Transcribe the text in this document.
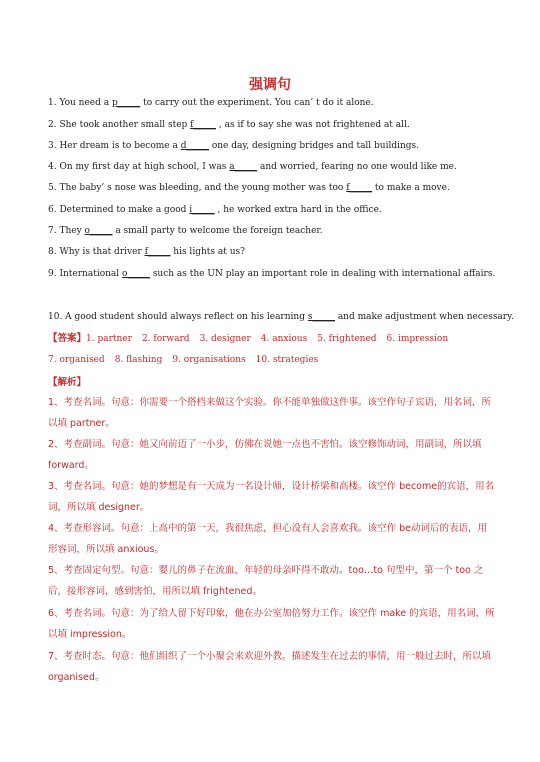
强调句
1. You need a p_____ to carry out the experiment. You can’ t do it alone.
2. She took another small step f_____ , as if to say she was not frightened at all.
3. Her dream is to become a d_____ one day, designing bridges and tall buildings.
4. On my first day at high school, I was a_____ and worried, fearing no one would like me.
5. The baby’ s nose was bleeding, and the young mother was too f_____ to make a move.
6. Determined to make a good i_____ , he worked extra hard in the office.
7. They o_____ a small party to welcome the foreign teacher.
8. Why is that driver f_____ his lights at us?
9. International o_____ such as the UN play an important role in dealing with international affairs.
10. A good student should always reflect on his learning s_____ and make adjustment when necessary.
【答案】1. partner 2. forward 3. designer 4. anxious 5. frightened 6. impression
7. organised 8. flashing 9. organisations 10. strategies
【解析】
1、考查名词。句意：你需要一个搭档来做这个实验。你不能单独做这件事。该空作句子宾语，用名词，所以填 partner。
2、考查副词。句意：她又向前迈了一小步，仿佛在说她一点也不害怕。该空修饰动词，用副词，所以填 forward。
3、考查名词。句意：她的梦想是有一天成为一名设计师，设计桥梁和高楼。该空作 become的宾语，用名词，所以填 designer。
4、考查形容词。句意：上高中的第一天，我很焦虑，担心没有人会喜欢我。该空作 be动词后的表语，用形容词，所以填 anxious。
5、考查固定句型。句意：婴儿的鼻子在流血，年轻的母亲吓得不敢动。too…to 句型中，第一个 too 之后，接形容词，感到害怕，用所以填 frightened。
6、考查名词。句意：为了给人留下好印象，他在办公室加倍努力工作。该空作 make 的宾语，用名词，所以填 impression。
7、考查时态。句意：他们组织了一个小聚会来欢迎外教。描述发生在过去的事情，用一般过去时，所以填 organised。
